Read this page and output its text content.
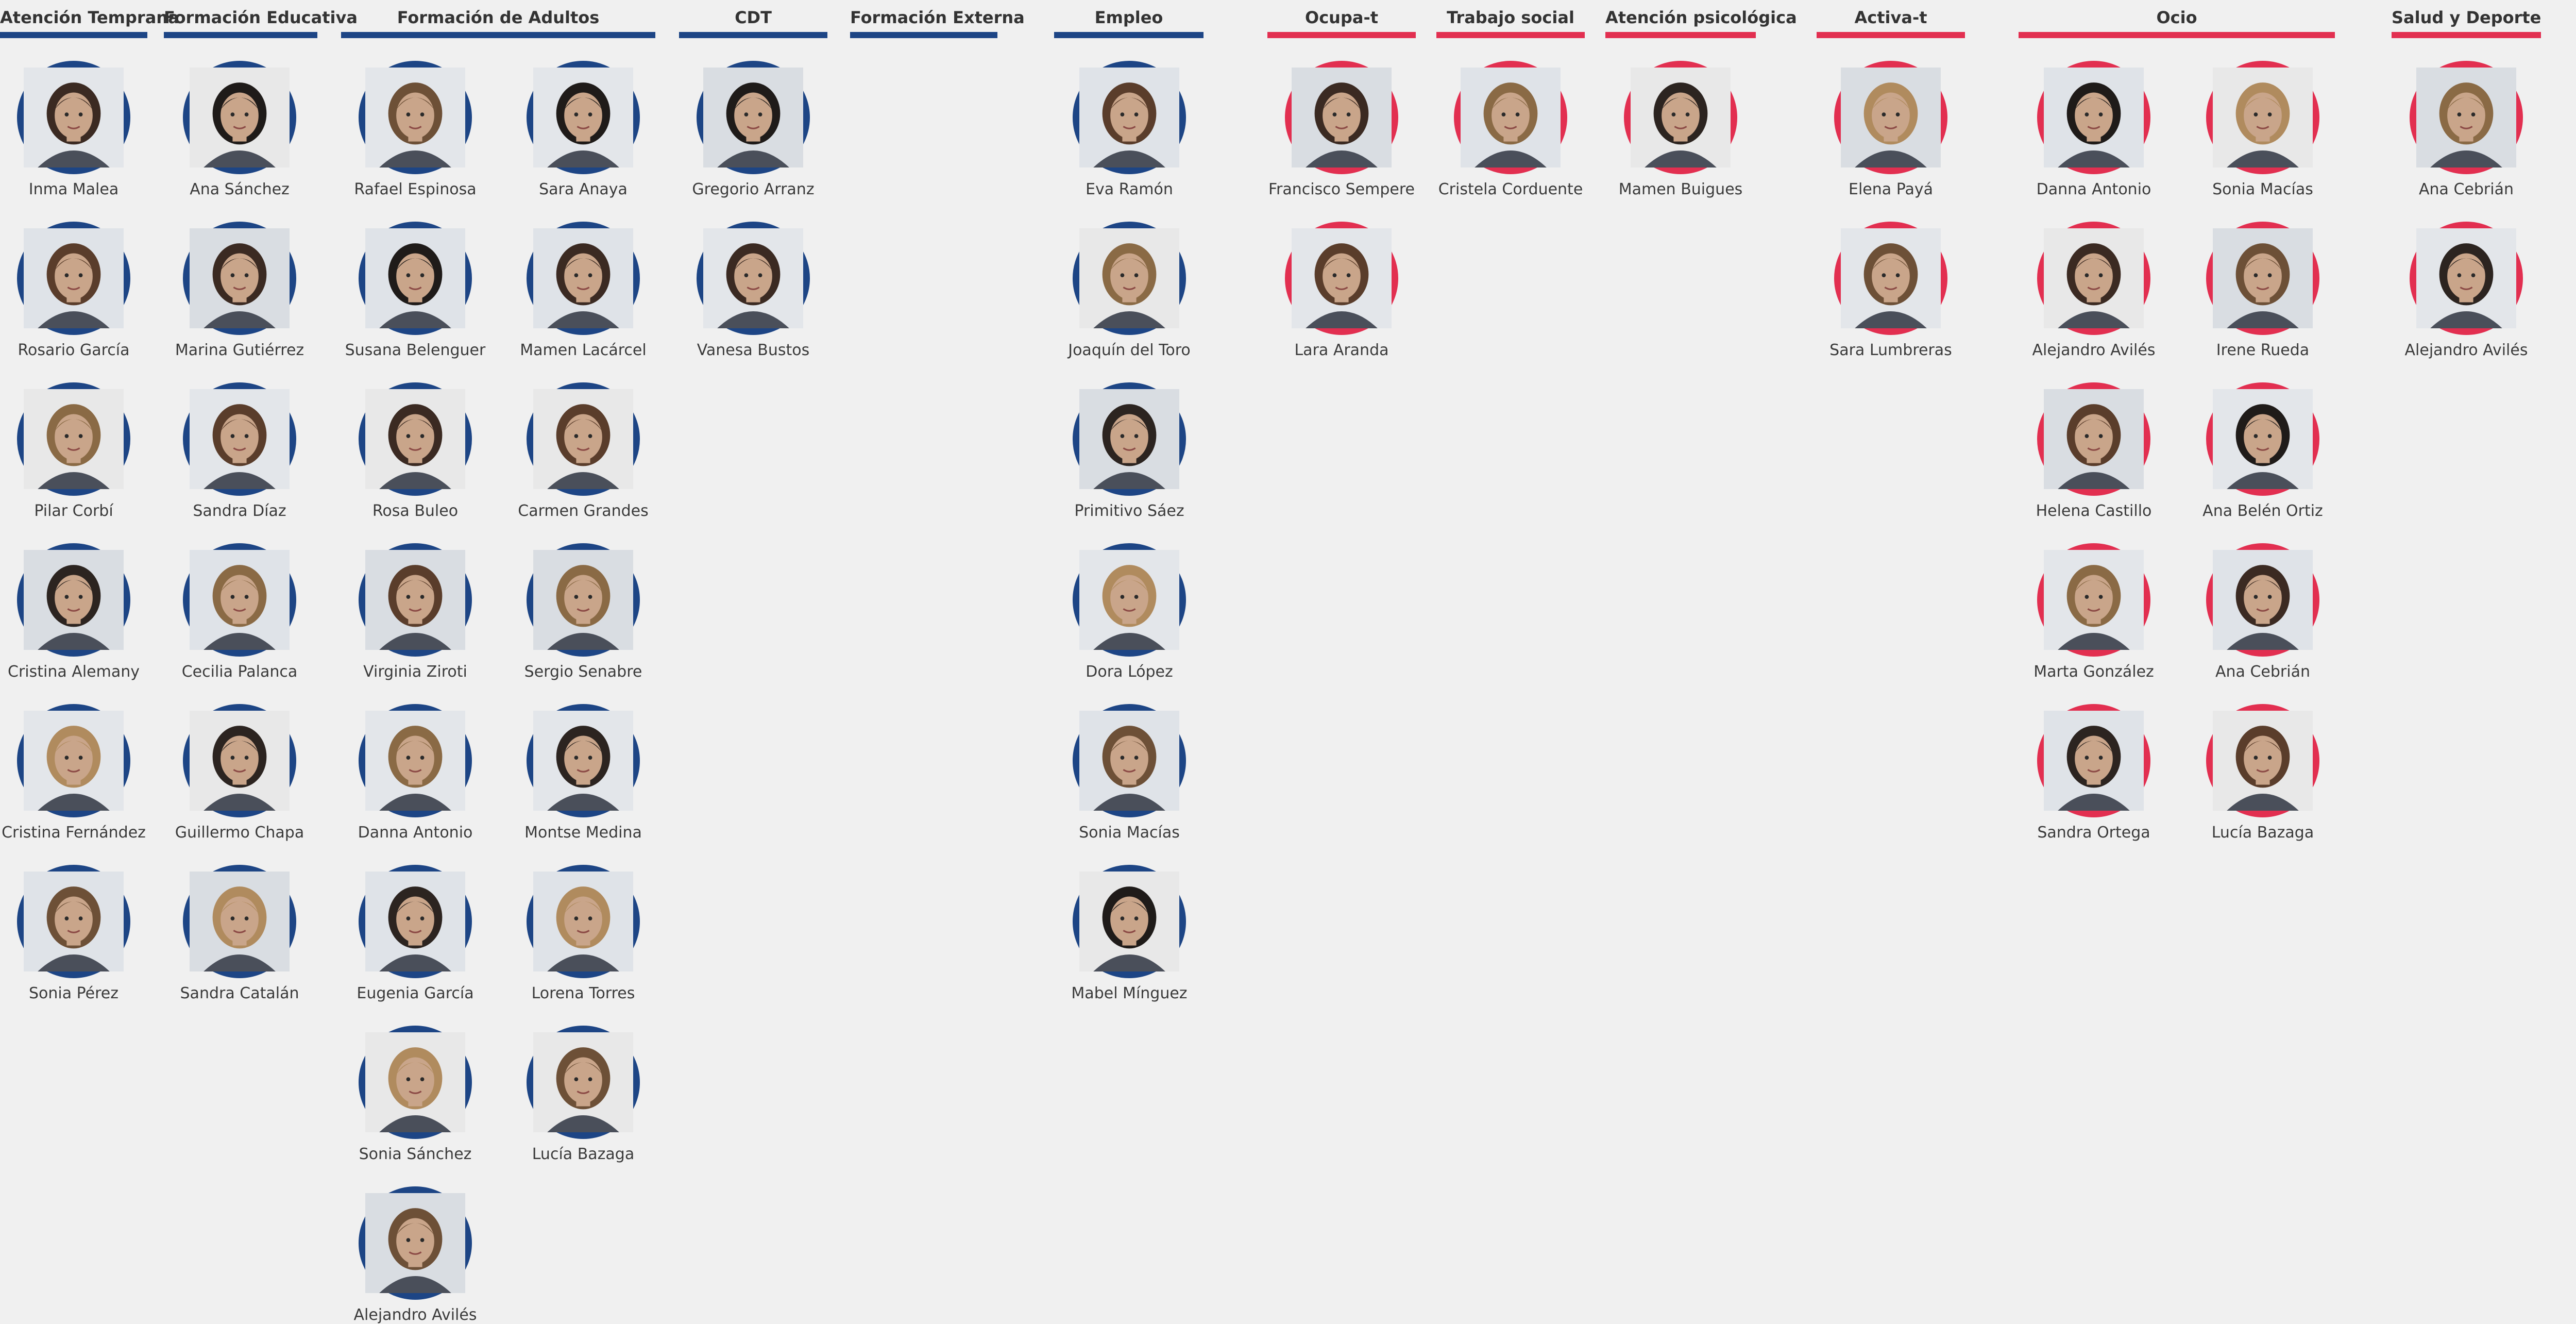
Atención Temprana
Inma Malea
Rosario García
Pilar Corbí
Cristina Alemany
Cristina Fernández
Sonia Pérez
Formación Educativa
Ana Sánchez
Marina Gutiérrez
Sandra Díaz
Cecilia Palanca
Guillermo Chapa
Sandra Catalán
Formación de Adultos
Rafael Espinosa
Susana Belenguer
Rosa Buleo
Virginia Ziroti
Danna Antonio
Eugenia García
Sonia Sánchez
Alejandro Avilés
Sara Anaya
Mamen Lacárcel
Carmen Grandes
Sergio Senabre
Montse Medina
Lorena Torres
Lucía Bazaga
CDT
Gregorio Arranz
Vanesa Bustos
Formación Externa	Empleo
Eva Ramón
Joaquín del Toro
Primitivo Sáez
Dora López
Sonia Macías
Mabel Mínguez
Ocupa-t
Francisco Sempere
Lara Aranda
Trabajo social
Cristela Corduente
Atención psicológica
Mamen Buigues
Activa-t
Elena Payá
Sara Lumbreras
Ocio
Danna Antonio
Alejandro Avilés
Helena Castillo
Marta González
Sandra Ortega
Sonia Macías
Irene Rueda
Ana Belén Ortiz
Ana Cebrián
Lucía Bazaga
Salud y Deporte
Ana Cebrián
Alejandro Avilés
